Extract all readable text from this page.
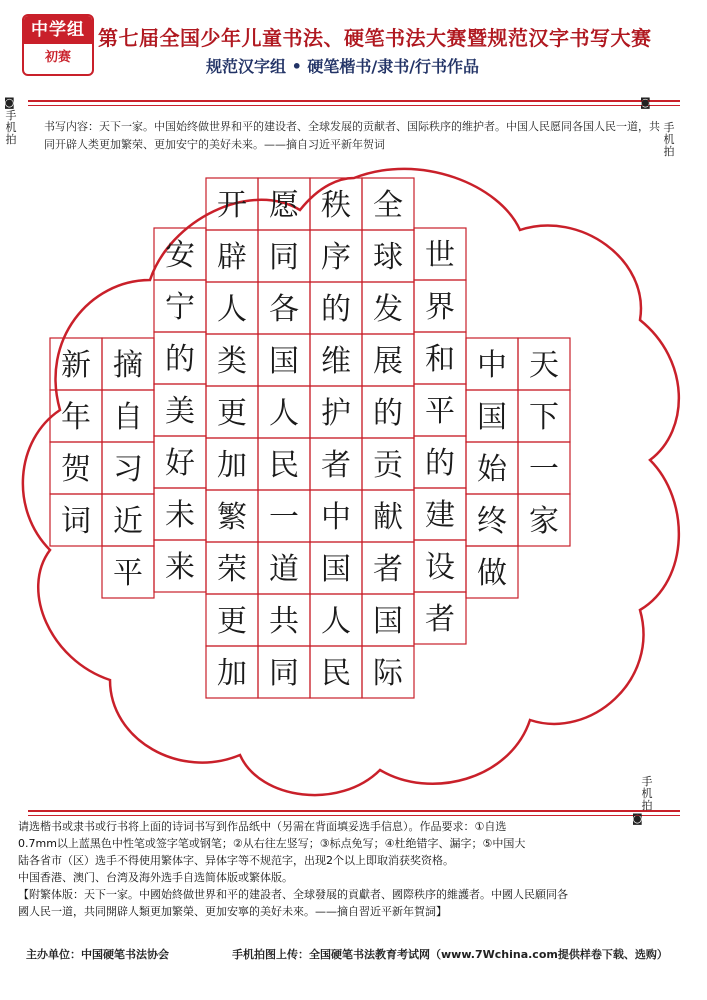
中学组
初赛
第七届全国少年儿童书法、硬笔书法大赛暨规范汉字书写大赛
规范汉字组 • 硬笔楷书/隶书/行书作品
◙
手机拍
◙
手机拍
书写内容：天下一家。中国始终做世界和平的建设者、全球发展的贡献者、国际秩序的维护者。中国人民愿同各国人民一道，共同开辟人类更加繁荣、更加安宁的美好未来。——摘自习近平新年贺词
天
下
一
家
中
国
始
终
做
世
界
和
平
的
建
设
者
全
球
发
展
的
贡
献
者
国
际
秩
序
的
维
护
者
中
国
人
民
愿
同
各
国
人
民
一
道
共
同
开
辟
人
类
更
加
繁
荣
更
加
安
宁
的
美
好
未
来
摘
自
习
近
平
新
年
贺
词
手机拍
◙
请选楷书或隶书或行书将上面的诗词书写到作品纸中（另需在背面填妥选手信息）。作品要求：①自选
0.7mm以上蓝黑色中性笔或签字笔或钢笔；②从右往左竖写；③标点免写；④杜绝错字、漏字；⑤中国大
陆各省市（区）选手不得使用繁体字、异体字等不规范字，出现2个以上即取消获奖资格。
中国香港、澳门、台湾及海外选手自选简体版或繁体版。
【附繁体版：天下一家。中國始終做世界和平的建設者、全球發展的貢獻者、國際秩序的維護者。中國人民願同各
國人民一道，共同開辟人類更加繁榮、更加安寧的美好未來。——摘自習近平新年賀詞】
主办单位：中国硬笔书法协会	手机拍图上传：全国硬笔书法教育考试网（www.7Wchina.com提供样卷下载、选购）
